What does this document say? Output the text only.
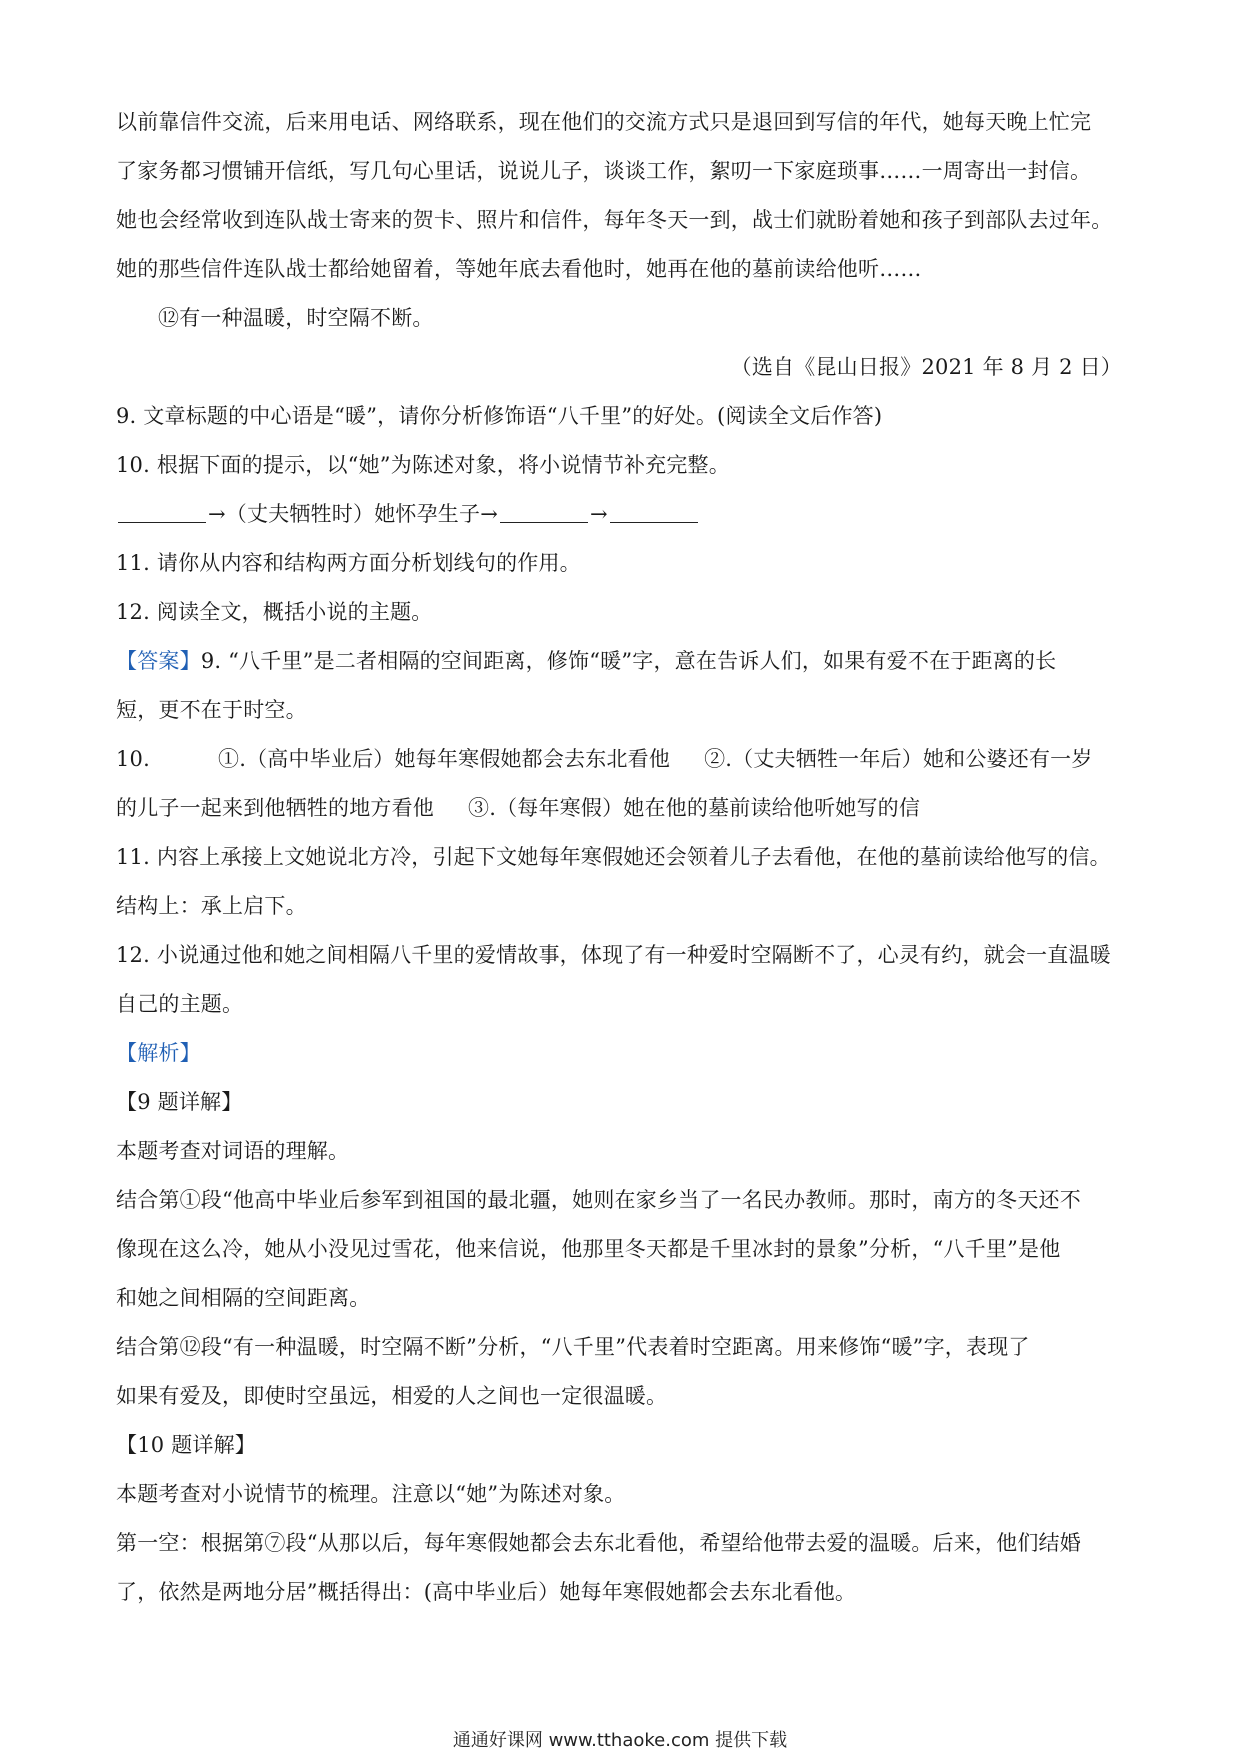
以前靠信件交流，后来用电话、网络联系，现在他们的交流方式只是退回到写信的年代，她每天晚上忙完
了家务都习惯铺开信纸，写几句心里话，说说儿子，谈谈工作，絮叨一下家庭琐事……一周寄出一封信。
她也会经常收到连队战士寄来的贺卡、照片和信件，每年冬天一到，战士们就盼着她和孩子到部队去过年。
她的那些信件连队战士都给她留着，等她年底去看他时，她再在他的墓前读给他听……
⑫有一种温暖，时空隔不断。
（选自《昆山日报》2021 年 8 月 2 日）
9. 文章标题的中心语是“暖”，请你分析修饰语“八千里”的好处。(阅读全文后作答)
10. 根据下面的提示，以“她”为陈述对象，将小说情节补充完整。
→（丈夫牺牲时）她怀孕生子→	→
11. 请你从内容和结构两方面分析划线句的作用。
12. 阅读全文，概括小说的主题。
【答案】9. “八千里”是二者相隔的空间距离，修饰“暖”字，意在告诉人们，如果有爱不在于距离的长
短，更不在于时空。
10.	①.（高中毕业后）她每年寒假她都会去东北看他 ②.（丈夫牺牲一年后）她和公婆还有一岁
的儿子一起来到他牺牲的地方看他 ③.（每年寒假）她在他的墓前读给他听她写的信
11. 内容上承接上文她说北方冷，引起下文她每年寒假她还会领着儿子去看他，在他的墓前读给他写的信。
结构上：承上启下。
12. 小说通过他和她之间相隔八千里的爱情故事，体现了有一种爱时空隔断不了，心灵有约，就会一直温暖
自己的主题。
【解析】
【9 题详解】
本题考查对词语的理解。
结合第①段“他高中毕业后参军到祖国的最北疆，她则在家乡当了一名民办教师。那时，南方的冬天还不
像现在这么冷，她从小没见过雪花，他来信说，他那里冬天都是千里冰封的景象”分析，“八千里”是他
和她之间相隔的空间距离。
结合第⑫段“有一种温暖，时空隔不断”分析，“八千里”代表着时空距离。用来修饰“暖”字，表现了
如果有爱及，即使时空虽远，相爱的人之间也一定很温暖。
【10 题详解】
本题考查对小说情节的梳理。注意以“她”为陈述对象。
第一空：根据第⑦段“从那以后，每年寒假她都会去东北看他，希望给他带去爱的温暖。后来，他们结婚
了，依然是两地分居”概括得出：(高中毕业后）她每年寒假她都会去东北看他。
通通好课网 www.tthaoke.com 提供下载
